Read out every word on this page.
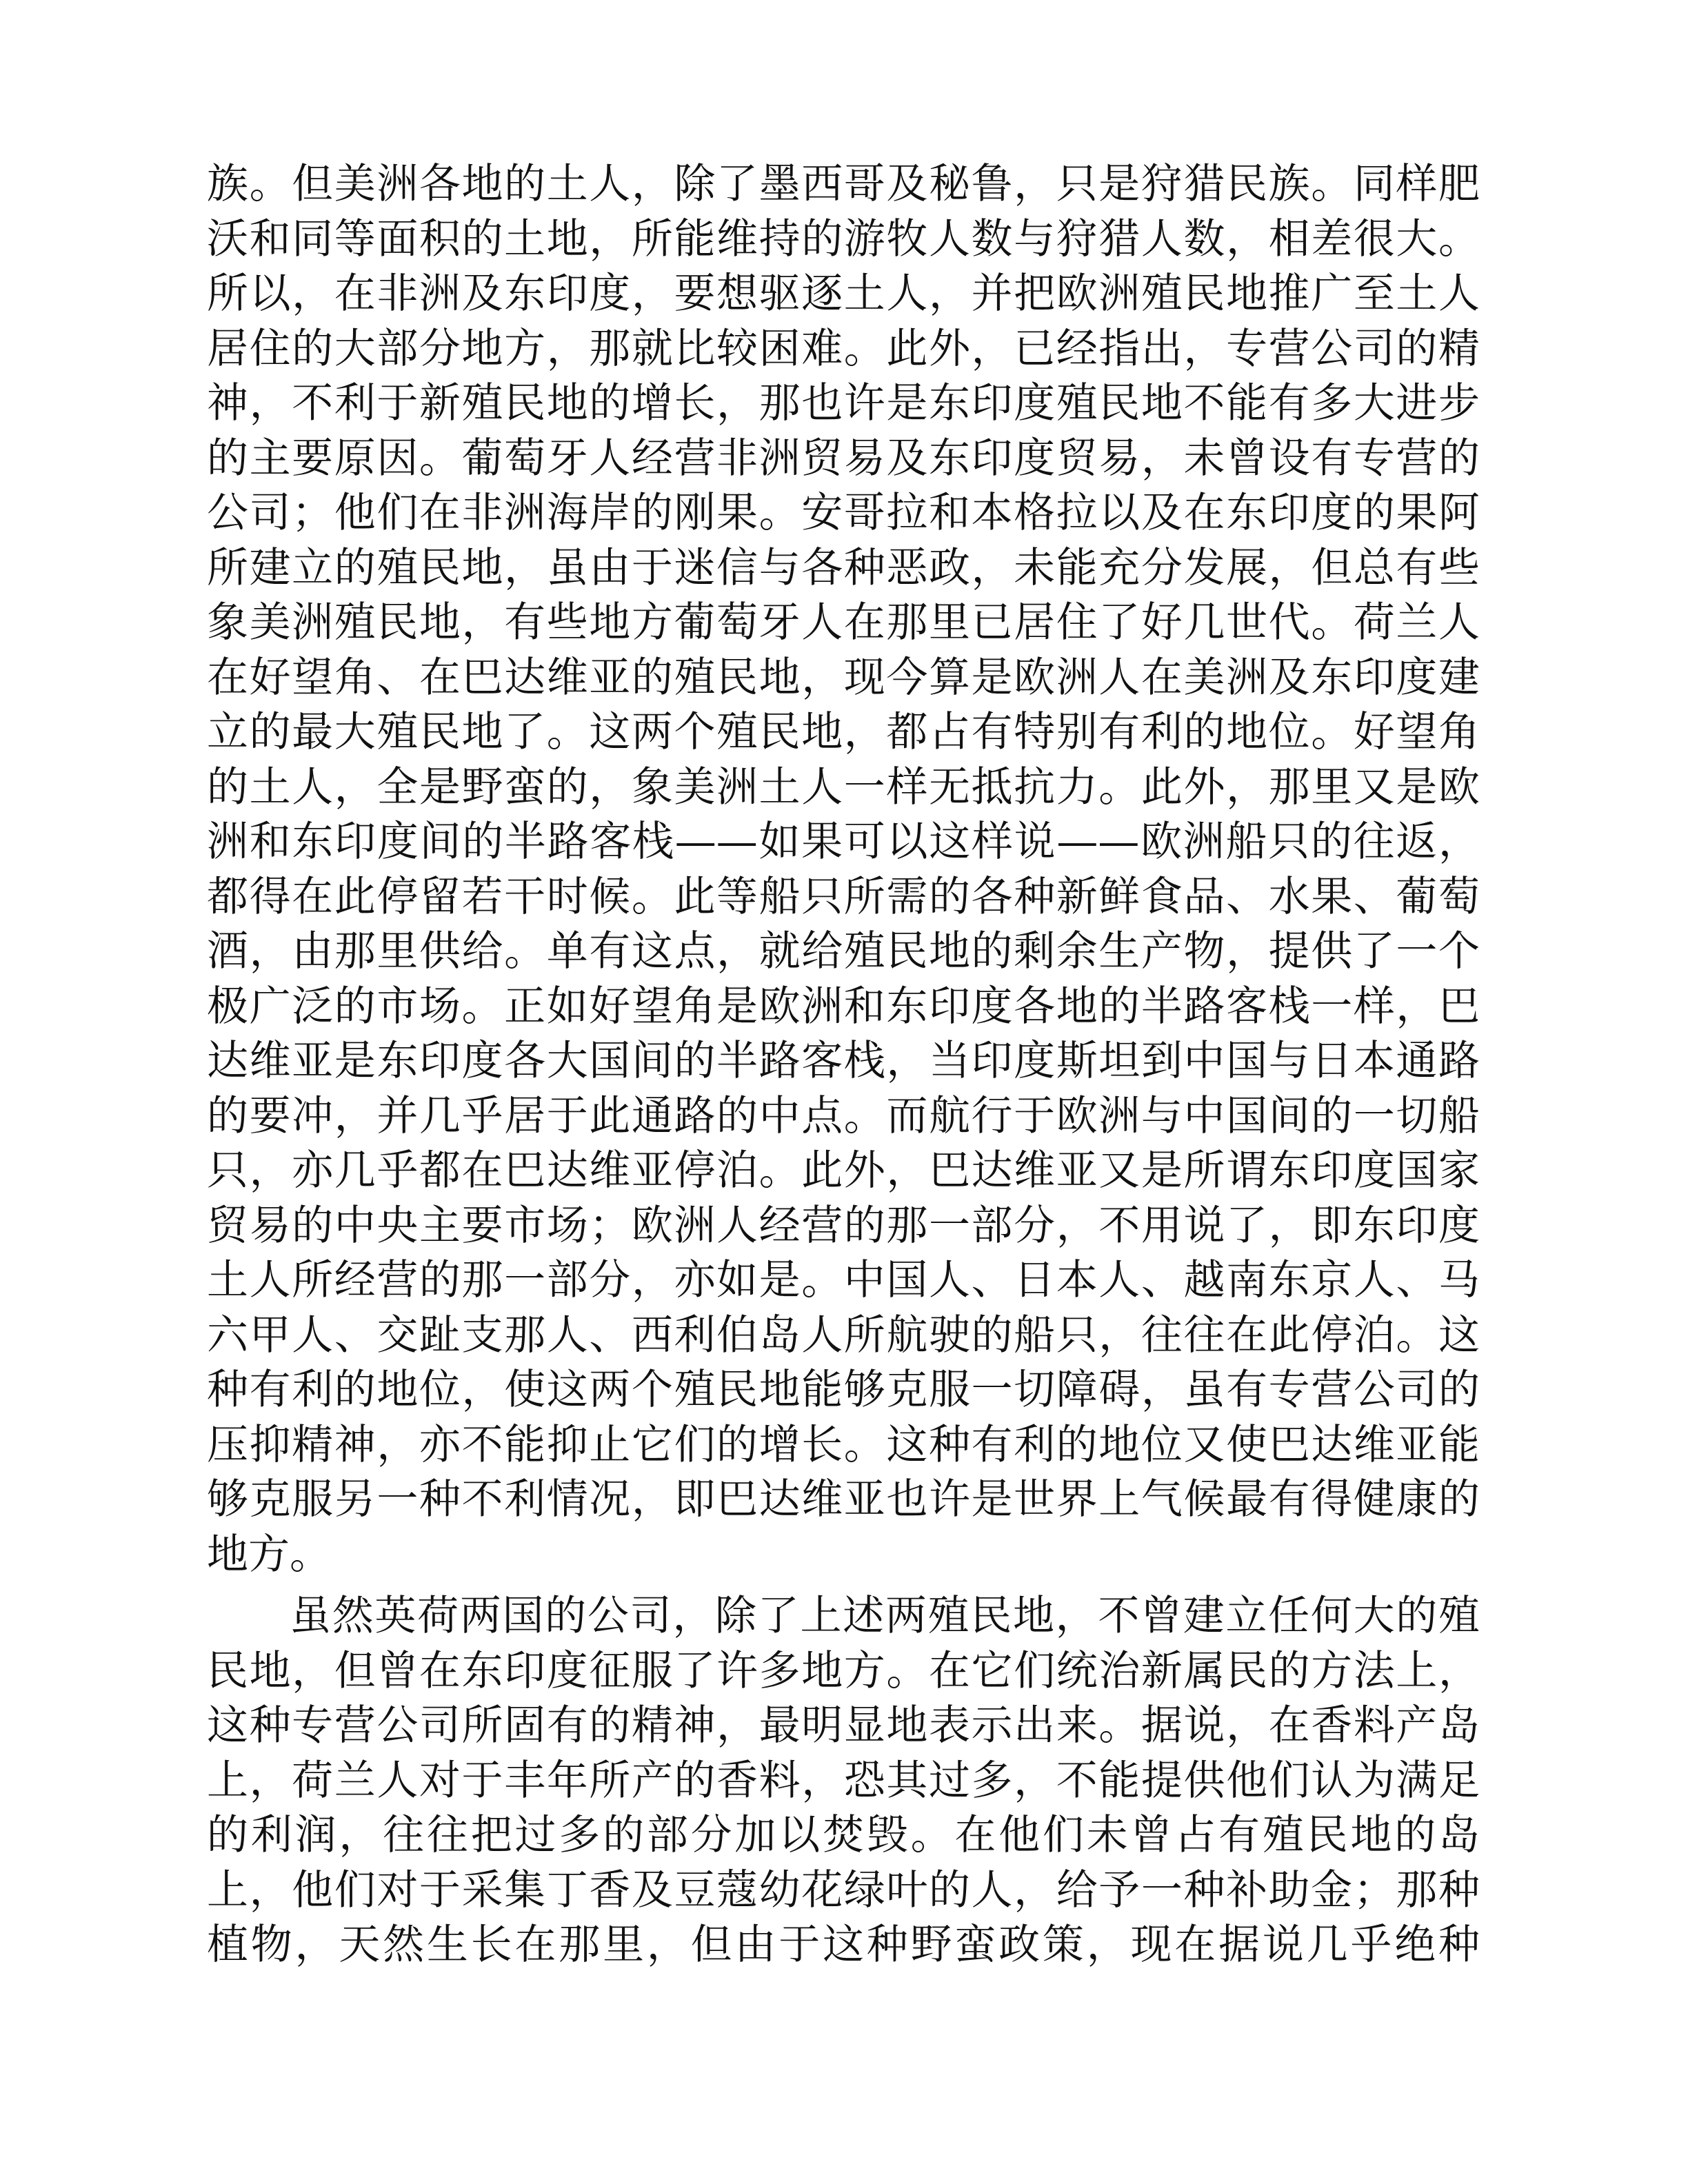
族。但美洲各地的土人，除了墨西哥及秘鲁，只是狩猎民族。同样肥
沃和同等面积的土地，所能维持的游牧人数与狩猎人数，相差很大。
所以，在非洲及东印度，要想驱逐土人，并把欧洲殖民地推广至土人
居住的大部分地方，那就比较困难。此外，已经指出，专营公司的精
神，不利于新殖民地的增长，那也许是东印度殖民地不能有多大进步
的主要原因。葡萄牙人经营非洲贸易及东印度贸易，未曾设有专营的
公司；他们在非洲海岸的刚果。安哥拉和本格拉以及在东印度的果阿
所建立的殖民地，虽由于迷信与各种恶政，未能充分发展，但总有些
象美洲殖民地，有些地方葡萄牙人在那里已居住了好几世代。荷兰人
在好望角、在巴达维亚的殖民地，现今算是欧洲人在美洲及东印度建
立的最大殖民地了。这两个殖民地，都占有特别有利的地位。好望角
的土人，全是野蛮的，象美洲土人一样无抵抗力。此外，那里又是欧
洲和东印度间的半路客栈——如果可以这样说——欧洲船只的往返，
都得在此停留若干时候。此等船只所需的各种新鲜食品、水果、葡萄
酒，由那里供给。单有这点，就给殖民地的剩余生产物，提供了一个
极广泛的市场。正如好望角是欧洲和东印度各地的半路客栈一样，巴
达维亚是东印度各大国间的半路客栈，当印度斯坦到中国与日本通路
的要冲，并几乎居于此通路的中点。而航行于欧洲与中国间的一切船
只，亦几乎都在巴达维亚停泊。此外，巴达维亚又是所谓东印度国家
贸易的中央主要市场；欧洲人经营的那一部分，不用说了，即东印度
土人所经营的那一部分，亦如是。中国人、日本人、越南东京人、马
六甲人、交趾支那人、西利伯岛人所航驶的船只，往往在此停泊。这
种有利的地位，使这两个殖民地能够克服一切障碍，虽有专营公司的
压抑精神，亦不能抑止它们的增长。这种有利的地位又使巴达维亚能
够克服另一种不利情况，即巴达维亚也许是世界上气候最有得健康的
地方。
虽然英荷两国的公司，除了上述两殖民地，不曾建立任何大的殖
民地，但曾在东印度征服了许多地方。在它们统治新属民的方法上，
这种专营公司所固有的精神，最明显地表示出来。据说，在香料产岛
上，荷兰人对于丰年所产的香料，恐其过多，不能提供他们认为满足
的利润，往往把过多的部分加以焚毁。在他们未曾占有殖民地的岛
上，他们对于采集丁香及豆蔻幼花绿叶的人，给予一种补助金；那种
植物，天然生长在那里，但由于这种野蛮政策，现在据说几乎绝种
